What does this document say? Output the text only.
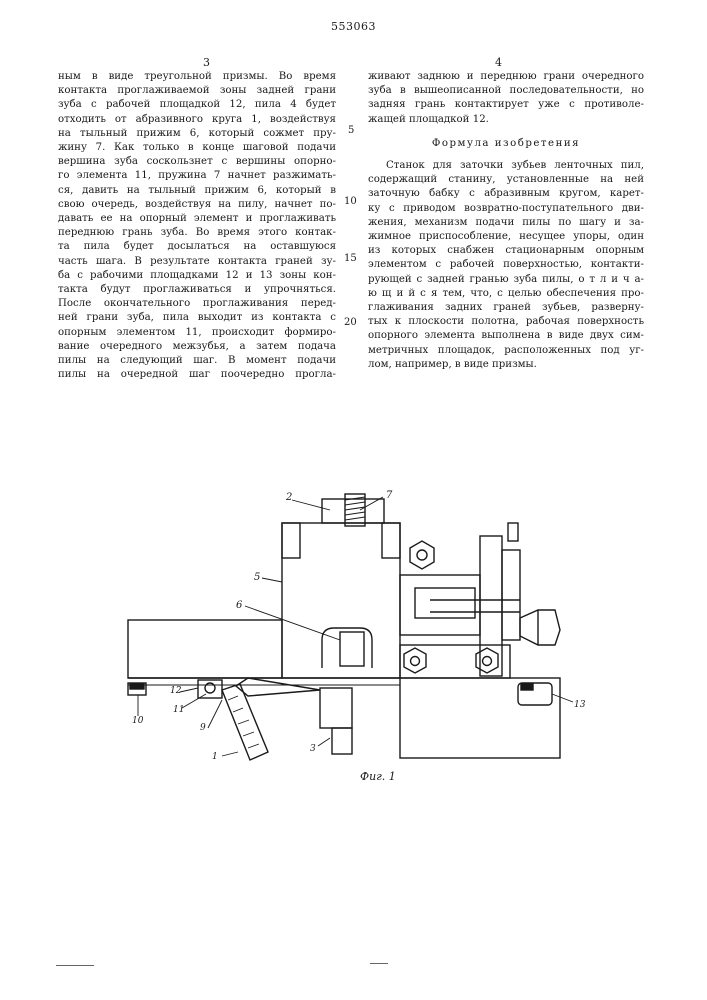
553063
3	4
ным в виде треугольной призмы. Во время
контакта проглаживаемой зоны задней грани
зуба с рабочей площадкой 12, пила 4 будет
отходить от абразивного круга 1, воздействуя
на тыльный прижим 6, который сожмет пру-
жину 7. Как только в конце шаговой подачи
вершина зуба соскользнет с вершины опорно-
го элемента 11, пружина 7 начнет разжимать-
ся, давить на тыльный прижим 6, который в
свою очередь, воздействуя на пилу, начнет по-
давать ее на опорный элемент и проглаживать
переднюю грань зуба. Во время этого контак-
та пила будет досылаться на оставшуюся
часть шага. В результате контакта граней зу-
ба с рабочими площадками 12 и 13 зоны кон-
такта будут проглаживаться и упрочняться.
После окончательного проглаживания перед-
ней грани зуба, пила выходит из контакта с
опорным элементом 11, происходит формиро-
вание очередного межзубья, а затем подача
пилы на следующий шаг. В момент подачи
пилы на очередной шаг поочередно прогла-
5
10
15
20
живают заднюю и переднюю грани очередного
зуба в вышеописанной последовательности, но
задняя грань контактирует уже с противоле-
жащей площадкой 12.
Формула изобретения
Станок для заточки зубьев ленточных пил,
содержащий станину, установленные на ней
заточную бабку с абразивным кругом, карет-
ку с приводом возвратно-поступательного дви-
жения, механизм подачи пилы по шагу и за-
жимное приспособление, несущее упоры, один
из которых снабжен стационарным опорным
элементом с рабочей поверхностью, контакти-
рующей с задней гранью зуба пилы, о т л и ч а-
ю щ и й с я тем, что, с целью обеспечения про-
глаживания задних граней зубьев, разверну-
тых к плоскости полотна, рабочая поверхность
опорного элемента выполнена в виде двух сим-
метричных площадок, расположенных под уг-
лом, например, в виде призмы.
2	7
5
6
12
11
9
1
3
10
13
Фиг. 1
